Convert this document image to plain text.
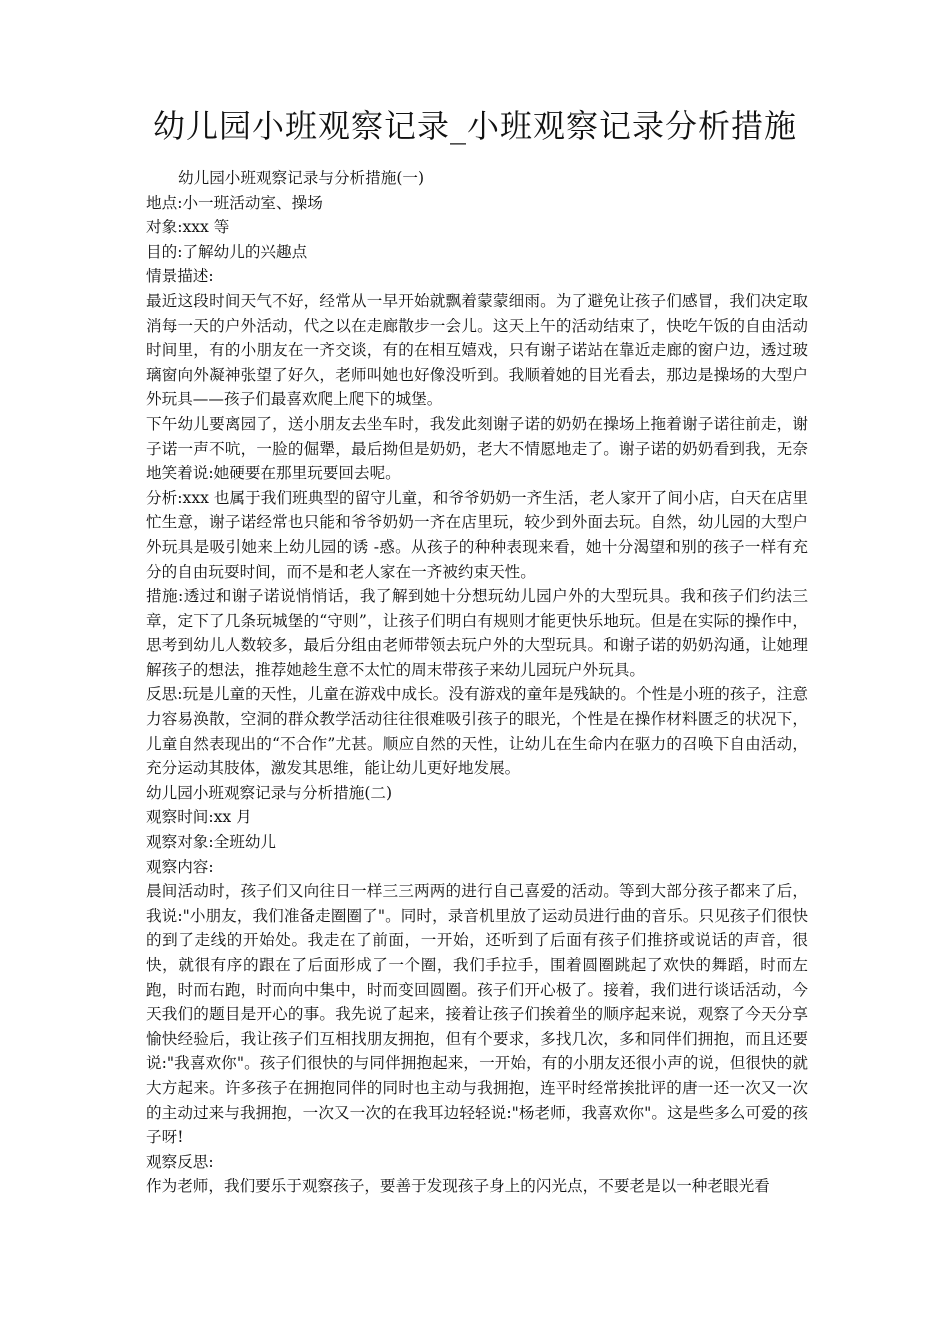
幼儿园小班观察记录_小班观察记录分析措施

幼儿园小班观察记录与分析措施(一)

地点:小一班活动室、操场

对象:xxx 等

目的:了解幼儿的兴趣点

情景描述:

最近这段时间天气不好，经常从一早开始就飘着蒙蒙细雨。为了避免让孩子们感冒，我们决定取消每一天的户外活动，代之以在走廊散步一会儿。这天上午的活动结束了，快吃午饭的自由活动时间里，有的小朋友在一齐交谈，有的在相互嬉戏，只有谢子诺站在靠近走廊的窗户边，透过玻璃窗向外凝神张望了好久，老师叫她也好像没听到。我顺着她的目光看去，那边是操场的大型户外玩具——孩子们最喜欢爬上爬下的城堡。

下午幼儿要离园了，送小朋友去坐车时，我发此刻谢子诺的奶奶在操场上拖着谢子诺往前走，谢子诺一声不吭，一脸的倔犟，最后拗但是奶奶，老大不情愿地走了。谢子诺的奶奶看到我，无奈地笑着说:她硬要在那里玩要回去呢。

分析:xxx 也属于我们班典型的留守儿童，和爷爷奶奶一齐生活，老人家开了间小店，白天在店里忙生意，谢子诺经常也只能和爷爷奶奶一齐在店里玩，较少到外面去玩。自然，幼儿园的大型户外玩具是吸引她来上幼儿园的诱 -惑。从孩子的种种表现来看，她十分渴望和别的孩子一样有充分的自由玩耍时间，而不是和老人家在一齐被约束天性。

措施:透过和谢子诺说悄悄话，我了解到她十分想玩幼儿园户外的大型玩具。我和孩子们约法三章，定下了几条玩城堡的“守则”，让孩子们明白有规则才能更快乐地玩。但是在实际的操作中，思考到幼儿人数较多，最后分组由老师带领去玩户外的大型玩具。和谢子诺的奶奶沟通，让她理解孩子的想法，推荐她趁生意不太忙的周末带孩子来幼儿园玩户外玩具。

反思:玩是儿童的天性，儿童在游戏中成长。没有游戏的童年是残缺的。个性是小班的孩子，注意力容易涣散，空洞的群众教学活动往往很难吸引孩子的眼光，个性是在操作材料匮乏的状况下，儿童自然表现出的“不合作”尤甚。顺应自然的天性，让幼儿在生命内在驱力的召唤下自由活动，充分运动其肢体，激发其思维，能让幼儿更好地发展。

幼儿园小班观察记录与分析措施(二)

观察时间:xx 月

观察对象:全班幼儿

观察内容:

晨间活动时，孩子们又向往日一样三三两两的进行自己喜爱的活动。等到大部分孩子都来了后，我说:"小朋友，我们准备走圈圈了"。同时，录音机里放了运动员进行曲的音乐。只见孩子们很快的到了走线的开始处。我走在了前面，一开始，还听到了后面有孩子们推挤或说话的声音，很快，就很有序的跟在了后面形成了一个圈，我们手拉手，围着圆圈跳起了欢快的舞蹈，时而左跑，时而右跑，时而向中集中，时而变回圆圈。孩子们开心极了。接着，我们进行谈话活动，今天我们的题目是开心的事。我先说了起来，接着让孩子们挨着坐的顺序起来说，观察了今天分享愉快经验后，我让孩子们互相找朋友拥抱，但有个要求，多找几次，多和同伴们拥抱，而且还要说:"我喜欢你"。孩子们很快的与同伴拥抱起来，一开始，有的小朋友还很小声的说，但很快的就大方起来。许多孩子在拥抱同伴的同时也主动与我拥抱，连平时经常挨批评的唐一还一次又一次的主动过来与我拥抱，一次又一次的在我耳边轻轻说:"杨老师，我喜欢你"。这是些多么可爱的孩子呀!

观察反思:

作为老师，我们要乐于观察孩子，要善于发现孩子身上的闪光点，不要老是以一种老眼光看
